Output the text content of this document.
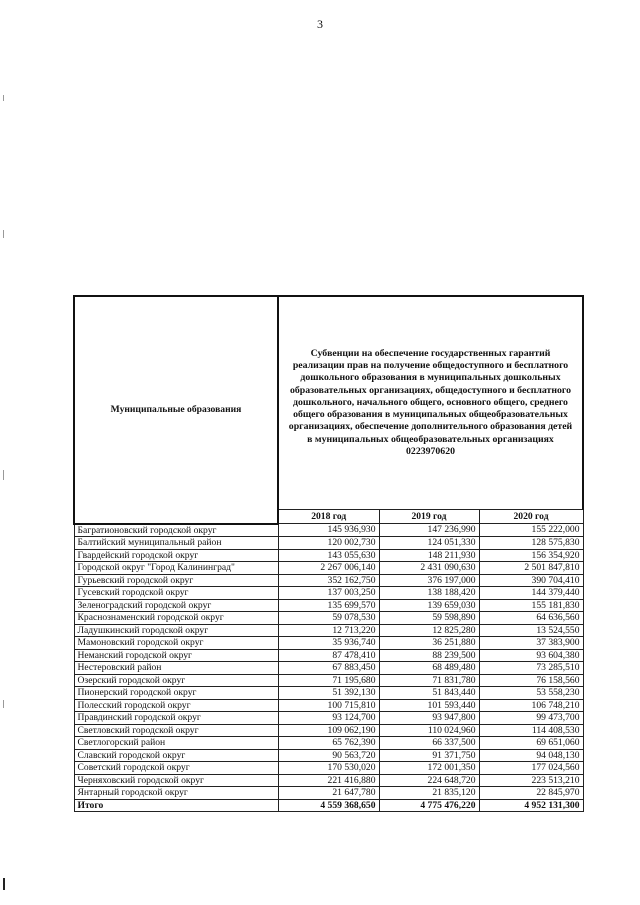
3
Муниципальные образования	Субвенции на обеспечение государственных гарантий реализации прав на получение общедоступного и бесплатного дошкольного образования в муниципальных дошкольных образовательных организациях, общедоступного и бесплатного дошкольного, начального общего, основного общего, среднего общего образования в муниципальных общеобразовательных организациях, обеспечение дополнительного образования детей в муниципальных общеобразовательных организациях 0223970620		
	2018 год	2019 год	2020 год
Багратионовский городской округ	145 936,930	147 236,990	155 222,000
Балтийский муниципальный район	120 002,730	124 051,330	128 575,830
Гвардейский городской округ	143 055,630	148 211,930	156 354,920
Городской округ "Город Калининград"	2 267 006,140	2 431 090,630	2 501 847,810
Гурьевский городской округ	352 162,750	376 197,000	390 704,410
Гусевский городской округ	137 003,250	138 188,420	144 379,440
Зеленоградский городской округ	135 699,570	139 659,030	155 181,830
Краснознаменский городской округ	59 078,530	59 598,890	64 636,560
Ладушкинский городской округ	12 713,220	12 825,280	13 524,550
Мамоновский городской округ	35 936,740	36 251,880	37 383,900
Неманский городской округ	87 478,410	88 239,500	93 604,380
Нестеровский район	67 883,450	68 489,480	73 285,510
Озерский городской округ	71 195,680	71 831,780	76 158,560
Пионерский городской округ	51 392,130	51 843,440	53 558,230
Полесский городской округ	100 715,810	101 593,440	106 748,210
Правдинский городской округ	93 124,700	93 947,800	99 473,700
Светловский городской округ	109 062,190	110 024,960	114 408,530
Светлогорский район	65 762,390	66 337,500	69 651,060
Славский городской округ	90 563,720	91 371,750	94 048,130
Советский городской округ	170 530,020	172 001,350	177 024,560
Черняховский городской округ	221 416,880	224 648,720	223 513,210
Янтарный городской округ	21 647,780	21 835,120	22 845,970
Итого	4 559 368,650	4 775 476,220	4 952 131,300
